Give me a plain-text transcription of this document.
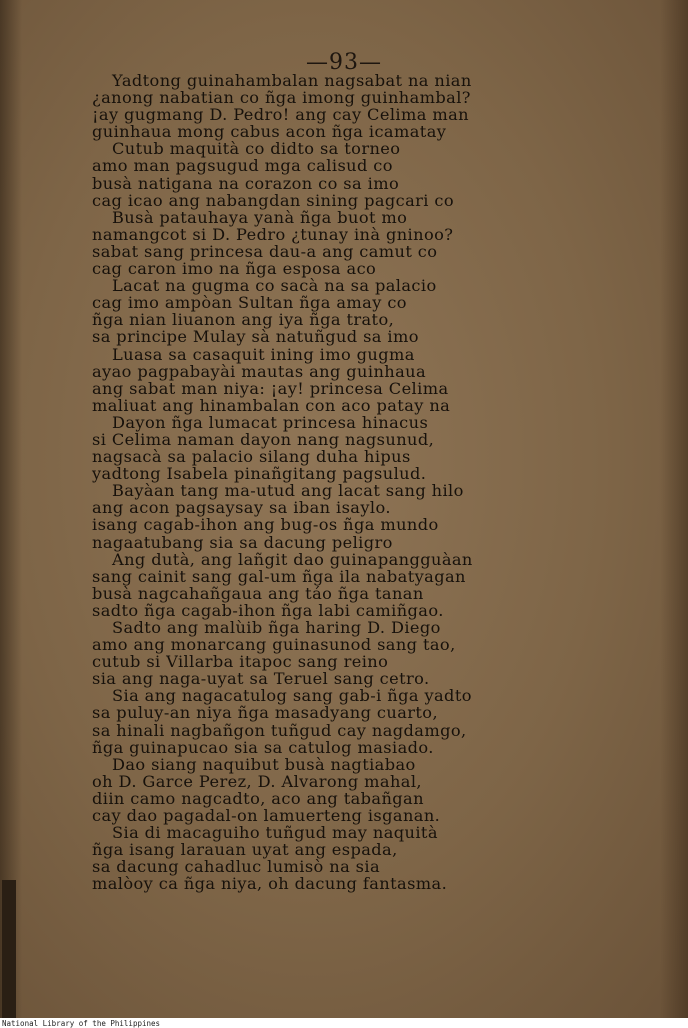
—93—
Yadtong guinahambalan nagsabat na nian
¿anong nabatian co ñga imong guinhambal?
¡ay gugmang D. Pedro! ang cay Celima man
guinhaua mong cabus acon ñga icamatay
Cutub maquità co didto sa torneo
amo man pagsugud mga calisud co
busà natigana na corazon co sa imo
cag icao ang nabangdan sining pagcari co
Busà patauhaya yanà ñga buot mo
namangcot si D. Pedro ¿tunay inà gninoo?
sabat sang princesa dau-a ang camut co
cag caron imo na ñga esposa aco
Lacat na gugma co sacà na sa palacio
cag imo ampòan Sultan ñga amay co
ñga nian liuanon ang iya ñga trato,
sa principe Mulay sà natuñgud sa imo
Luasa sa casaquit ining imo gugma
ayao pagpabayài mautas ang guinhaua
ang sabat man niya: ¡ay! princesa Celima
maliuat ang hinambalan con aco patay na
Dayon ñga lumacat princesa hinacus
si Celima naman dayon nang nagsunud,
nagsacà sa palacio silang duha hipus
yadtong Isabela pinañgitang pagsulud.
Bayàan tang ma-utud ang lacat sang hilo
ang acon pagsaysay sa iban isaylo.
isang cagab-ihon ang bug-os ñga mundo
nagaatubang sia sa dacung peligro
Ang dutà, ang lañgit dao guinapangguàan
sang cainit sang gal-um ñga ila nabatyagan
busà nagcahañgaua ang táo ñga tanan
sadto ñga cagab-ihon ñga labi camiñgao.
Sadto ang malùib ñga haring D. Diego
amo ang monarcang guinasunod sang tao,
cutub si Villarba itapoc sang reino
sia ang naga-uyat sa Teruel sang cetro.
Sia ang nagacatulog sang gab-i ñga yadto
sa puluy-an niya ñga masadyang cuarto,
sa hinali nagbañgon tuñgud cay nagdamgo,
ñga guinapucao sia sa catulog masiado.
Dao siang naquibut busà nagtiabao
oh D. Garce Perez, D. Alvarong mahal,
diin camo nagcadto, aco ang tabañgan
cay dao pagadal-on lamuerteng isganan.
Sia di macaguiho tuñgud may naquità
ñga isang larauan uyat ang espada,
sa dacung cahadluc lumisò na sia
malòoy ca ñga niya, oh dacung fantasma.
National Library of the Philippines
